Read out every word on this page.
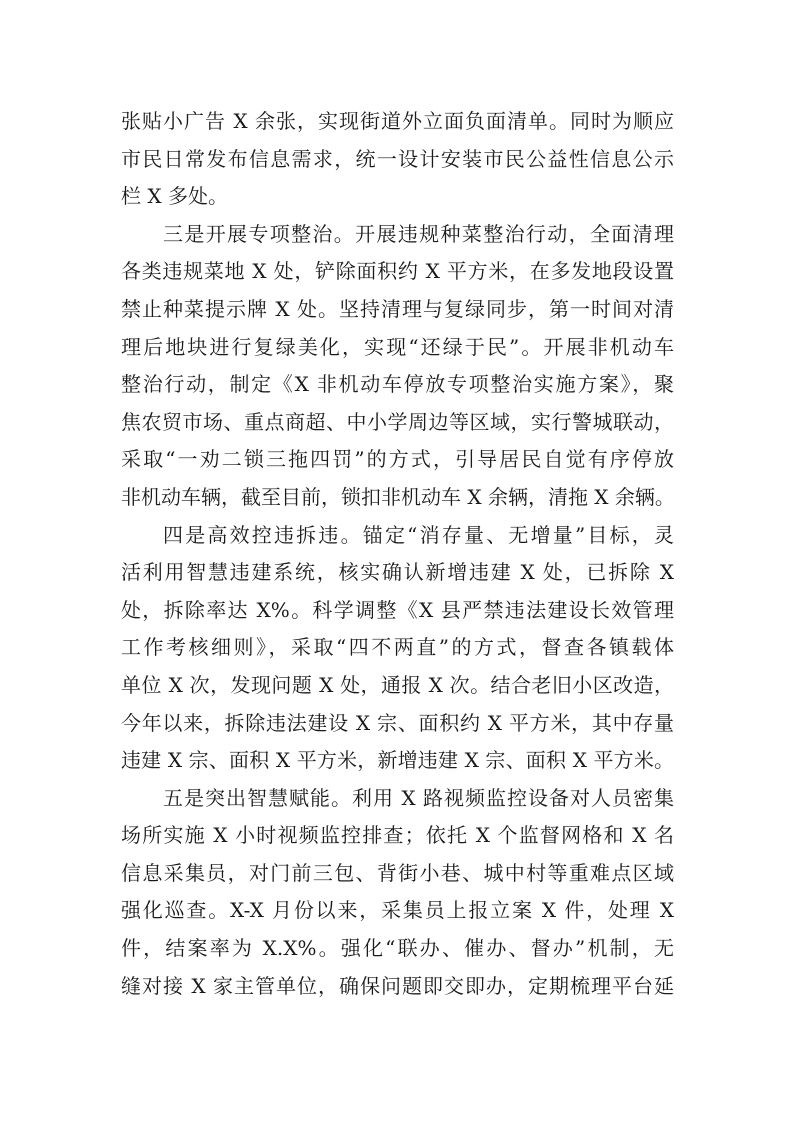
张贴小广告 X 余张，实现街道外立面负面清单。同时为顺应
市民日常发布信息需求，统一设计安装市民公益性信息公示
栏 X 多处。
三是开展专项整治。开展违规种菜整治行动，全面清理
各类违规菜地 X 处，铲除面积约 X 平方米，在多发地段设置
禁止种菜提示牌 X 处。坚持清理与复绿同步，第一时间对清
理后地块进行复绿美化，实现“还绿于民”。开展非机动车
整治行动，制定《X 非机动车停放专项整治实施方案》，聚
焦农贸市场、重点商超、中小学周边等区域，实行警城联动，
采取“一劝二锁三拖四罚”的方式，引导居民自觉有序停放
非机动车辆，截至目前，锁扣非机动车 X 余辆，清拖 X 余辆。
四是高效控违拆违。锚定“消存量、无增量”目标，灵
活利用智慧违建系统，核实确认新增违建 X 处，已拆除 X
处，拆除率达 X%。科学调整《X 县严禁违法建设长效管理
工作考核细则》，采取“四不两直”的方式，督查各镇载体
单位 X 次，发现问题 X 处，通报 X 次。结合老旧小区改造，
今年以来，拆除违法建设 X 宗、面积约 X 平方米，其中存量
违建 X 宗、面积 X 平方米，新增违建 X 宗、面积 X 平方米。
五是突出智慧赋能。利用 X 路视频监控设备对人员密集
场所实施 X 小时视频监控排查；依托 X 个监督网格和 X 名
信息采集员，对门前三包、背街小巷、城中村等重难点区域
强化巡查。X-X 月份以来，采集员上报立案 X 件，处理 X
件，结案率为 X.X%。强化“联办、催办、督办”机制，无
缝对接 X 家主管单位，确保问题即交即办，定期梳理平台延
